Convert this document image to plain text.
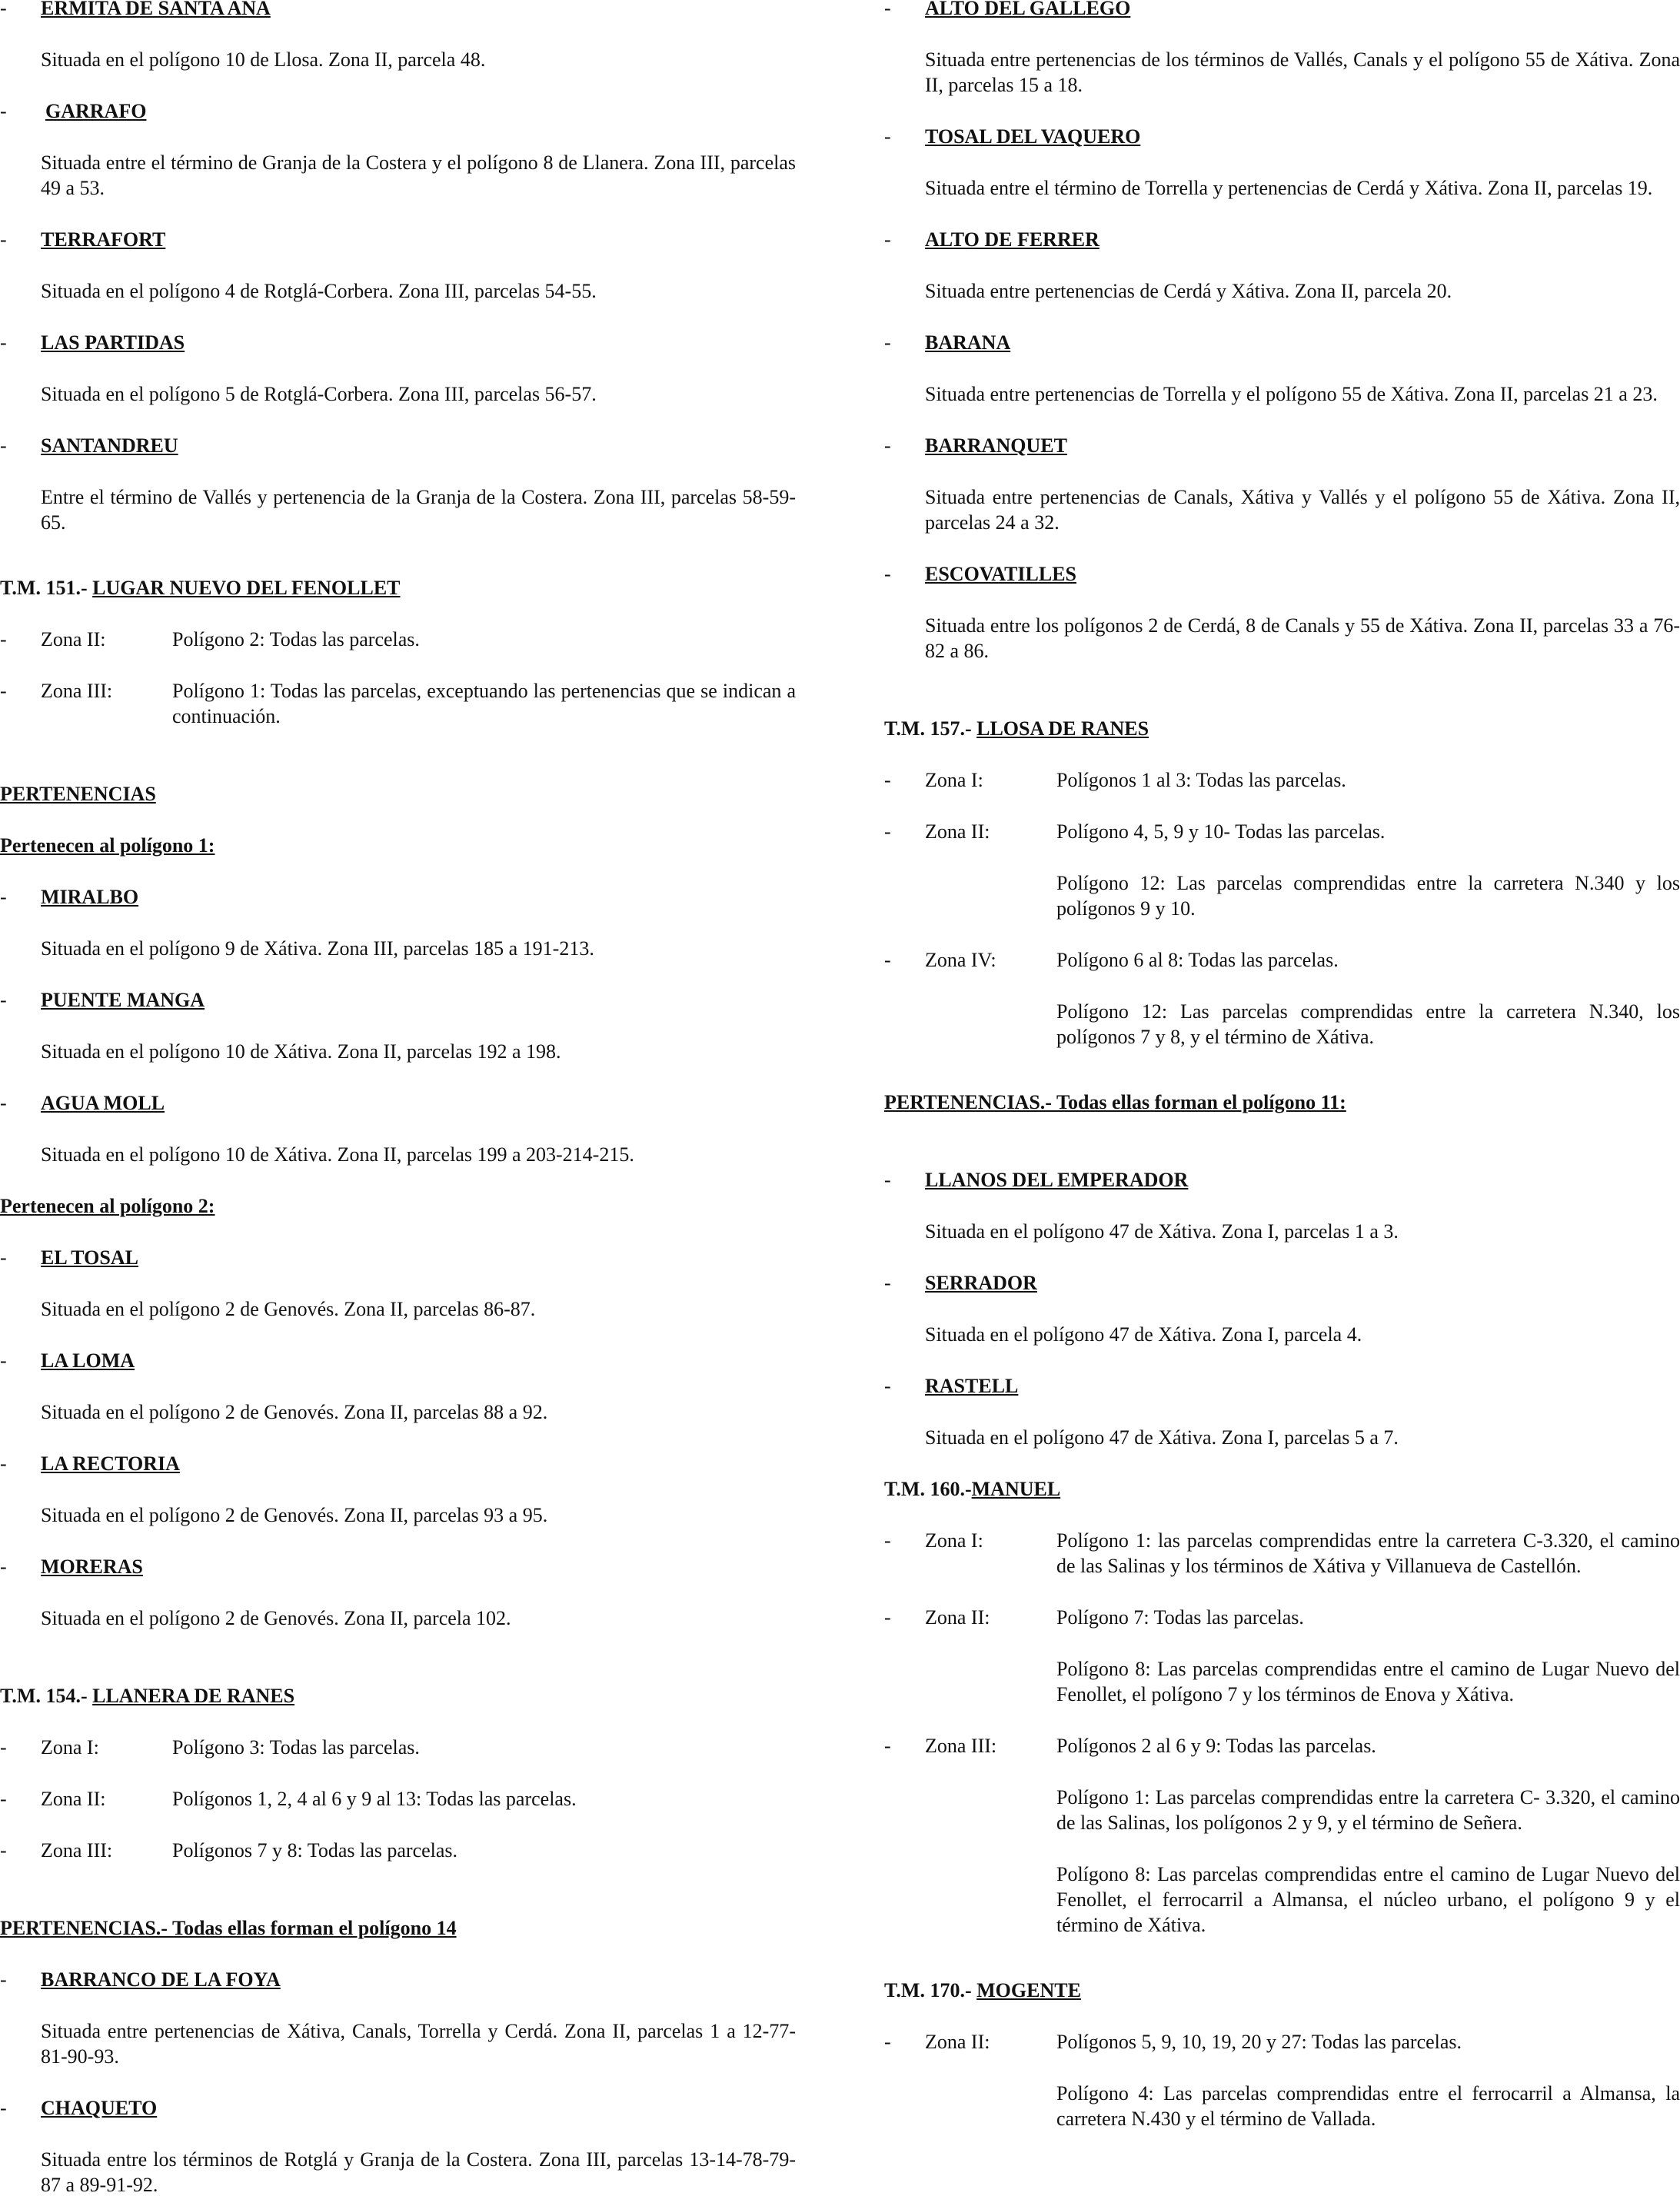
- ERMITA DE SANTA ANA
Situada en el polígono 10 de Llosa. Zona II, parcela 48.
- GARRAFO
Situada entre el término de Granja de la Costera y el polígono 8 de Llanera. Zona III, parcelas 49 a 53.
- TERRAFORT
Situada en el polígono 4 de Rotglá-Corbera. Zona III, parcelas 54-55.
- LAS PARTIDAS
Situada en el polígono 5 de Rotglá-Corbera. Zona III, parcelas 56-57.
- SANTANDREU
Entre el término de Vallés y pertenencia de la Granja de la Costera. Zona III, parcelas 58-59-65.
T.M. 151.- LUGAR NUEVO DEL FENOLLET
- Zona II:	Polígono 2: Todas las parcelas.
- Zona III:	Polígono 1: Todas las parcelas, exceptuando las pertenencias que se indican a continuación.
PERTENENCIAS
Pertenecen al polígono 1:
- MIRALBO
Situada en el polígono 9 de Xátiva. Zona III, parcelas 185 a 191-213.
- PUENTE MANGA
Situada en el polígono 10 de Xátiva. Zona II, parcelas 192 a 198.
- AGUA MOLL
Situada en el polígono 10 de Xátiva. Zona II, parcelas 199 a 203-214-215.
Pertenecen al polígono 2:
- EL TOSAL
Situada en el polígono 2 de Genovés. Zona II, parcelas 86-87.
- LA LOMA
Situada en el polígono 2 de Genovés. Zona II, parcelas 88 a 92.
- LA RECTORIA
Situada en el polígono 2 de Genovés. Zona II, parcelas 93 a 95.
- MORERAS
Situada en el polígono 2 de Genovés. Zona II, parcela 102.
T.M. 154.- LLANERA DE RANES
- Zona I:	Polígono 3: Todas las parcelas.
- Zona II:	Polígonos 1, 2, 4 al 6 y 9 al 13: Todas las parcelas.
- Zona III:	Polígonos 7 y 8: Todas las parcelas.
PERTENENCIAS.- Todas ellas forman el polígono 14
- BARRANCO DE LA FOYA
Situada entre pertenencias de Xátiva, Canals, Torrella y Cerdá. Zona II, parcelas 1 a 12-77-81-90-93.
- CHAQUETO
Situada entre los términos de Rotglá y Granja de la Costera. Zona III, parcelas 13-14-78-79-87 a 89-91-92.
- ALTO DEL GALLEGO
Situada entre pertenencias de los términos de Vallés, Canals y el polígono 55 de Xátiva. Zona II, parcelas 15 a 18.
- TOSAL DEL VAQUERO
Situada entre el término de Torrella y pertenencias de Cerdá y Xátiva. Zona II, parcelas 19.
- ALTO DE FERRER
Situada entre pertenencias de Cerdá y Xátiva. Zona II, parcela 20.
- BARANA
Situada entre pertenencias de Torrella y el polígono 55 de Xátiva. Zona II, parcelas 21 a 23.
- BARRANQUET
Situada entre pertenencias de Canals, Xátiva y Vallés y el polígono 55 de Xátiva. Zona II, parcelas 24 a 32.
- ESCOVATILLES
Situada entre los polígonos 2 de Cerdá, 8 de Canals y 55 de Xátiva. Zona II, parcelas 33 a 76-82 a 86.
T.M. 157.- LLOSA DE RANES
- Zona I:	Polígonos 1 al 3: Todas las parcelas.
- Zona II:	Polígono 4, 5, 9 y 10- Todas las parcelas.
Polígono 12: Las parcelas comprendidas entre la carretera N.340 y los polígonos 9 y 10.
- Zona IV:	Polígono 6 al 8: Todas las parcelas.
Polígono 12: Las parcelas comprendidas entre la carretera N.340, los polígonos 7 y 8, y el término de Xátiva.
PERTENENCIAS.- Todas ellas forman el polígono 11:
- LLANOS DEL EMPERADOR
Situada en el polígono 47 de Xátiva. Zona I, parcelas 1 a 3.
- SERRADOR
Situada en el polígono 47 de Xátiva. Zona I, parcela 4.
- RASTELL
Situada en el polígono 47 de Xátiva. Zona I, parcelas 5 a 7.
T.M. 160.-MANUEL
- Zona I:	Polígono 1: las parcelas comprendidas entre la carretera C-3.320, el camino de las Salinas y los términos de Xátiva y Villanueva de Castellón.
- Zona II:	Polígono 7: Todas las parcelas.
Polígono 8: Las parcelas comprendidas entre el camino de Lugar Nuevo del Fenollet, el polígono 7 y los términos de Enova y Xátiva.
- Zona III:	Polígonos 2 al 6 y 9: Todas las parcelas.
Polígono 1: Las parcelas comprendidas entre la carretera C- 3.320, el camino de las Salinas, los polígonos 2 y 9, y el término de Señera.
Polígono 8: Las parcelas comprendidas entre el camino de Lugar Nuevo del Fenollet, el ferrocarril a Almansa, el núcleo urbano, el polígono 9 y el término de Xátiva.
T.M. 170.- MOGENTE
- Zona II:	Polígonos 5, 9, 10, 19, 20 y 27: Todas las parcelas.
Polígono 4: Las parcelas comprendidas entre el ferrocarril a Almansa, la carretera N.430 y el término de Vallada.
